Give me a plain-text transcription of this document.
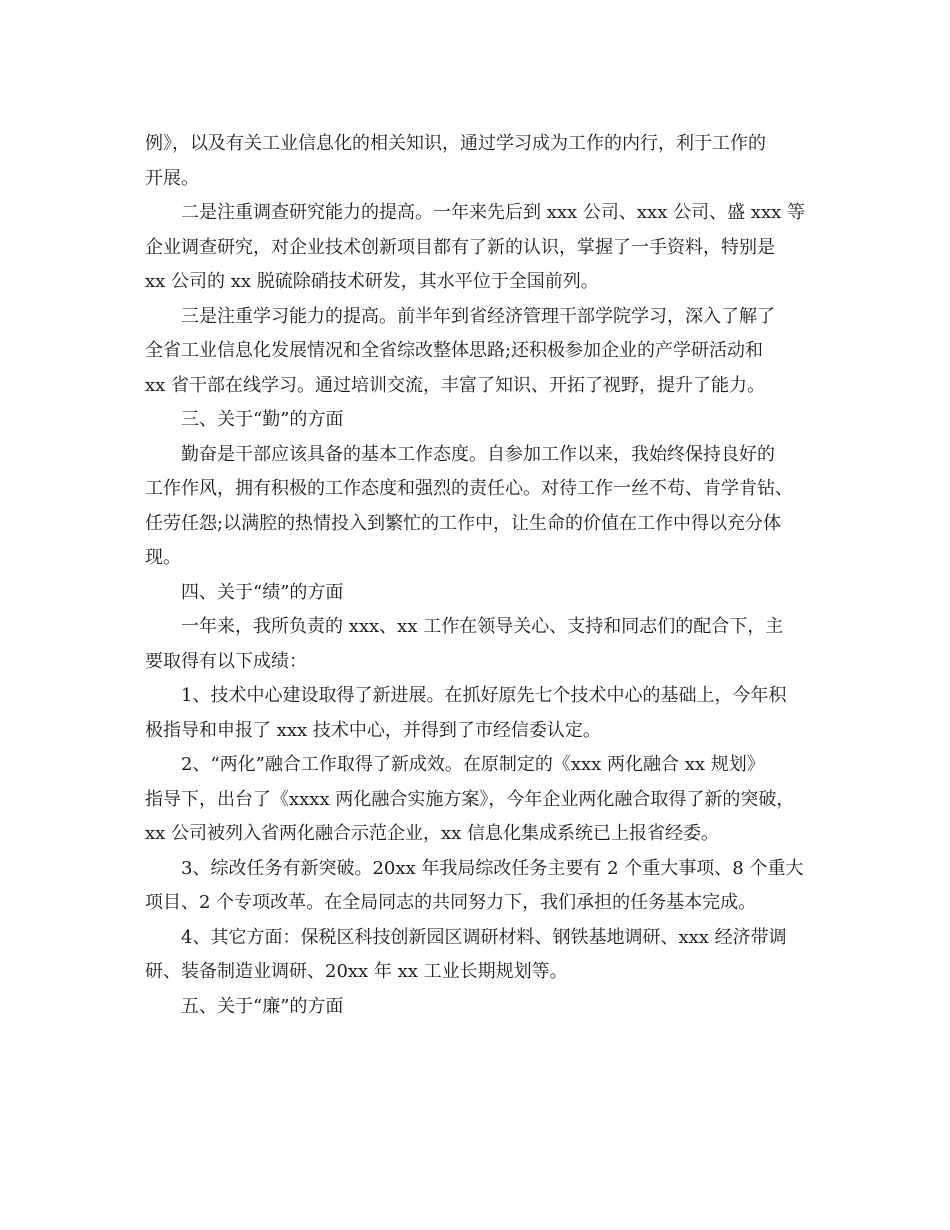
例》，以及有关工业信息化的相关知识，通过学习成为工作的内行，利于工作的
开展。
二是注重调查研究能力的提高。一年来先后到 xxx 公司、xxx 公司、盛 xxx 等
企业调查研究，对企业技术创新项目都有了新的认识，掌握了一手资料，特别是
xx 公司的 xx 脱硫除硝技术研发，其水平位于全国前列。
三是注重学习能力的提高。前半年到省经济管理干部学院学习，深入了解了
全省工业信息化发展情况和全省综改整体思路;还积极参加企业的产学研活动和
xx 省干部在线学习。通过培训交流，丰富了知识、开拓了视野，提升了能力。
三、关于“勤”的方面
勤奋是干部应该具备的基本工作态度。自参加工作以来，我始终保持良好的
工作作风，拥有积极的工作态度和强烈的责任心。对待工作一丝不苟、肯学肯钻、
任劳任怨;以满腔的热情投入到繁忙的工作中，让生命的价值在工作中得以充分体
现。
四、关于“绩”的方面
一年来，我所负责的 xxx、xx 工作在领导关心、支持和同志们的配合下，主
要取得有以下成绩：
1、技术中心建设取得了新进展。在抓好原先七个技术中心的基础上，今年积
极指导和申报了 xxx 技术中心，并得到了市经信委认定。
2、“两化”融合工作取得了新成效。在原制定的《xxx 两化融合 xx 规划》
指导下，出台了《xxxx 两化融合实施方案》，今年企业两化融合取得了新的突破，
xx 公司被列入省两化融合示范企业，xx 信息化集成系统已上报省经委。
3、综改任务有新突破。20xx 年我局综改任务主要有 2 个重大事项、8 个重大
项目、2 个专项改革。在全局同志的共同努力下，我们承担的任务基本完成。
4、其它方面：保税区科技创新园区调研材料、钢铁基地调研、xxx 经济带调
研、装备制造业调研、20xx 年 xx 工业长期规划等。
五、关于“廉”的方面
